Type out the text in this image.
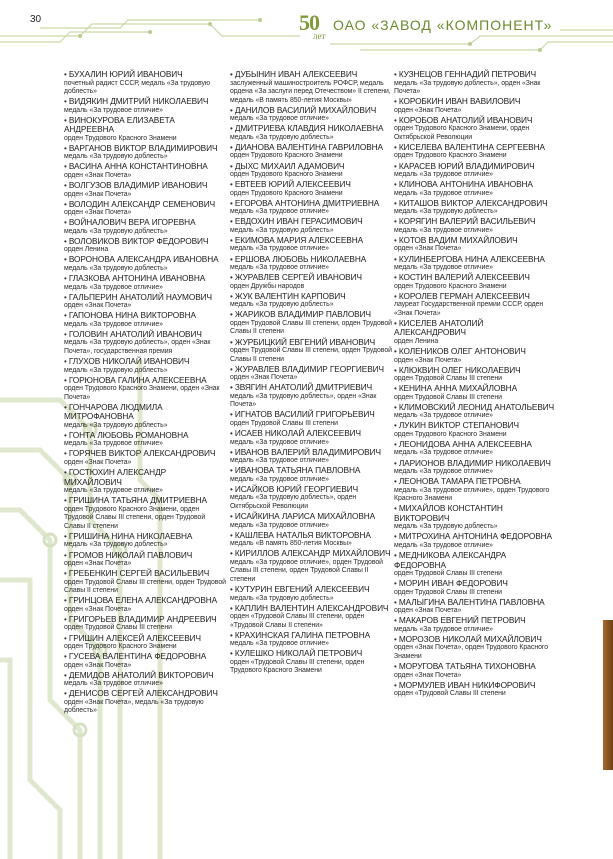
30	50
лет
ОАО «ЗАВОД «КОМПОНЕНТ»
• БУХАЛИН ЮРИЙ ИВАНОВИЧ
почетный радист СССР, медаль «За трудовую доблесть»
• ВИДЯКИН ДМИТРИЙ НИКОЛАЕВИЧ
медаль «За трудовое отличие»
• ВИНОКУРОВА ЕЛИЗАВЕТА АНДРЕЕВНА
орден Трудового Красного Знамени
• ВАРГАНОВ ВИКТОР ВЛАДИМИРОВИЧ
медаль «За трудовую доблесть»
• ВАСИНА АННА КОНСТАНТИНОВНА
орден «Знак Почета»
• ВОЛГУЗОВ ВЛАДИМИР ИВАНОВИЧ
орден «Знак Почета»
• ВОЛОДИН АЛЕКСАНДР СЕМЕНОВИЧ
орден «Знак Почета»
• ВОЙНАЛОВИЧ ВЕРА ИГОРЕВНА
медаль «За трудовую доблесть»
• ВОЛОВИКОВ ВИКТОР ФЕДОРОВИЧ
орден Ленина
• ВОРОНОВА АЛЕКСАНДРА ИВАНОВНА
медаль «За трудовую доблесть»
• ГЛАЗКОВА АНТОНИНА ИВАНОВНА
медаль «За трудовое отличие»
• ГАЛЬПЕРИН АНАТОЛИЙ НАУМОВИЧ
орден «Знак Почета»
• ГАПОНОВА НИНА ВИКТОРОВНА
медаль «За трудовое отличие»
• ГОЛОВИН АНАТОЛИЙ ИВАНОВИЧ
медаль «За трудовую доблесть», орден «Знак Почета», государственная премия
• ГЛУХОВ НИКОЛАЙ ИВАНОВИЧ
медаль «За трудовую доблесть»
• ГОРЮНОВА ГАЛИНА АЛЕКСЕЕВНА
орден Трудового Красного Знамени, орден «Знак Почета»
• ГОНЧАРОВА ЛЮДМИЛА МИТРОФАНОВНА
медаль «За трудовую доблесть»
• ГОНТА ЛЮБОВЬ РОМАНОВНА
медаль «За трудовое отличие»
• ГОРЯЧЕВ ВИКТОР АЛЕКСАНДРОВИЧ
орден «Знак Почета»
• ГОСТЮХИН АЛЕКСАНДР МИХАЙЛОВИЧ
медаль «За трудовое отличие»
• ГРИШИНА ТАТЬЯНА ДМИТРИЕВНА
орден Трудового Красного Знамени, орден Трудовой Славы III степени, орден Трудовой Славы II степени
• ГРИШИНА НИНА НИКОЛАЕВНА
медаль «За трудовую доблесть»
• ГРОМОВ НИКОЛАЙ ПАВЛОВИЧ
орден «Знак Почета»
• ГРЕБЕНКИН СЕРГЕЙ ВАСИЛЬЕВИЧ
орден Трудовой Славы III степени, орден Трудовой Славы II степени
• ГРИНЦОВА ЕЛЕНА АЛЕКСАНДРОВНА
орден «Знак Почета»
• ГРИГОРЬЕВ ВЛАДИМИР АНДРЕЕВИЧ
орден Трудовой Славы III степени
• ГРИШИН АЛЕКСЕЙ АЛЕКСЕЕВИЧ
орден Трудового Красного Знамени
• ГУСЕВА ВАЛЕНТИНА ФЕДОРОВНА
орден «Знак Почета»
• ДЕМИДОВ АНАТОЛИЙ ВИКТОРОВИЧ
медаль «За трудовое отличие»
• ДЕНИСОВ СЕРГЕЙ АЛЕКСАНДРОВИЧ
орден «Знак Почета», медаль «За трудовую доблесть»
• ДУБЫНИН ИВАН АЛЕКСЕЕВИЧ
заслуженный машиностроитель РОФСР, медаль ордена «За заслуги перед Отечеством» II степени, медаль «В память 850-летия Москвы»
• ДАНИЛОВ ВАСИЛИЙ МИХАЙЛОВИЧ
медаль «За трудовое отличие»
• ДМИТРИЕВА КЛАВДИЯ НИКОЛАЕВНА
медаль «За трудовую доблесть»
• ДИАНОВА ВАЛЕНТИНА ГАВРИЛОВНА
орден Трудового Красного Знамени
• ДЫХС МИХАИЛ АДАМОВИЧ
орден Трудового Красного Знамени
• ЕВТЕЕВ ЮРИЙ АЛЕКСЕЕВИЧ
орден Трудового Красного Знамени
• ЕГОРОВА АНТОНИНА ДМИТРИЕВНА
медаль «За трудовое отличие»
• ЕВДОХИН ИВАН ГЕРАСИМОВИЧ
медаль «За трудовую доблесть»
• ЕКИМОВА МАРИЯ АЛЕКСЕЕВНА
медаль «За трудовое отличие»
• ЕРШОВА ЛЮБОВЬ НИКОЛАЕВНА
медаль «За трудовое отличие»
• ЖУРАВЛЕВ СЕРГЕЙ ИВАНОВИЧ
орден Дружбы народов
• ЖУК ВАЛЕНТИН КАРПОВИЧ
медаль «За трудовую доблесть»
• ЖАРИКОВ ВЛАДИМИР ПАВЛОВИЧ
орден Трудовой Славы III степени, орден Трудовой Славы II степени
• ЖУРБИЦКИЙ ЕВГЕНИЙ ИВАНОВИЧ
орден Трудовой Славы III степени, орден Трудовой Славы II степени
• ЖУРАВЛЕВ ВЛАДИМИР ГЕОРГИЕВИЧ
орден «Знак Почета»
• ЗВЯГИН АНАТОЛИЙ ДМИТРИЕВИЧ
медаль «За трудовую доблесть», орден «Знак Почета»
• ИГНАТОВ ВАСИЛИЙ ГРИГОРЬЕВИЧ
орден Трудовой Славы III степени
• ИСАЕВ НИКОЛАЙ АЛЕКСЕЕВИЧ
медаль «За трудовое отличие»
• ИВАНОВ ВАЛЕРИЙ ВЛАДИМИРОВИЧ
медаль «За трудовое отличие»
• ИВАНОВА ТАТЬЯНА ПАВЛОВНА
медаль «За трудовое отличие»
• ИСАЙКОВ ЮРИЙ ГЕОРГИЕВИЧ
медаль «За трудовую доблесть», орден Октябрьской Революции
• ИСАЙКИНА ЛАРИСА МИХАЙЛОВНА
медаль «За трудовое отличие»
• КАШЛЕВА НАТАЛЬЯ ВИКТОРОВНА
медаль «В память 850-летия Москвы»
• КИРИЛЛОВ АЛЕКСАНДР МИХАЙЛОВИЧ
медаль «За трудовое отличие», орден Трудовой Славы III степени, орден Трудовой Славы II степени
• КУТУРИН ЕВГЕНИЙ АЛЕКСЕЕВИЧ
медаль «За трудовую доблесть»
• КАПЛИН ВАЛЕНТИН АЛЕКСАНДРОВИЧ
орден «Трудовой Славы III степени, орден «Трудовой Славы II степени»
• КРАХИНСКАЯ ГАЛИНА ПЕТРОВНА
медаль «За трудовое отличие»
• КУЛЕШКО НИКОЛАЙ ПЕТРОВИЧ
орден «Трудовой Славы III степени, орден Трудового Красного Знамени
• КУЗНЕЦОВ ГЕННАДИЙ ПЕТРОВИЧ
медаль «За трудовую доблесть», орден «Знак Почета»
• КОРОБКИН ИВАН ВАВИЛОВИЧ
орден «Знак Почета»
• КОРОБОВ АНАТОЛИЙ ИВАНОВИЧ
орден Трудового Красного Знамени, орден Октябрьской Революции
• КИСЕЛЕВА ВАЛЕНТИНА СЕРГЕЕВНА
орден Трудового Красного Знамени
• КАРАСЕВ ЮРИЙ ВЛАДИМИРОВИЧ
медаль «За трудовое отличие»
• КЛИНОВА АНТОНИНА ИВАНОВНА
медаль «За трудовое отличие»
• КИТАШОВ ВИКТОР АЛЕКСАНДРОВИЧ
медаль «За трудовую доблесть»
• КОРЯГИН ВАЛЕРИЙ ВАСИЛЬЕВИЧ
медаль «За трудовое отличие»
• КОТОВ ВАДИМ МИХАЙЛОВИЧ
орден «Знак Почета»
• КУЛИНБЕРГОВА НИНА АЛЕКСЕЕВНА
медаль «За трудовое отличие»
• КОСТИН ВАЛЕРИЙ АЛЕКСЕЕВИЧ
орден Трудового Красного Знамени
• КОРОЛЕВ ГЕРМАН АЛЕКСЕЕВИЧ
лауреат Государственной премии СССР, орден «Знак Почета»
• КИСЕЛЕВ АНАТОЛИЙ АЛЕКСАНДРОВИЧ
орден Ленина
• КОЛЕНИКОВ ОЛЕГ АНТОНОВИЧ
орден «Знак Почета»
• КЛЮКВИН ОЛЕГ НИКОЛАЕВИЧ
орден Трудовой Славы III степени
• КЕНИНА АННА МИХАЙЛОВНА
орден Трудовой Славы III степени
• КЛИМОВСКИЙ ЛЕОНИД АНАТОЛЬЕВИЧ
медаль «За трудовое отличие»
• ЛУКИН ВИКТОР СТЕПАНОВИЧ
орден Трудового Красного Знамени
• ЛЕОНИДОВА АННА АЛЕКСЕЕВНА
медаль «За трудовое отличие»
• ЛАРИОНОВ ВЛАДИМИР НИКОЛАЕВИЧ
медаль «За трудовое отличие»
• ЛЕОНОВА ТАМАРА ПЕТРОВНА
медаль «За трудовое отличие», орден Трудового Красного Знамени
• МИХАЙЛОВ КОНСТАНТИН ВИКТОРОВИЧ
медаль «За трудовую доблесть»
• МИТРОХИНА АНТОНИНА ФЕДОРОВНА
медаль «За трудовое отличие»
• МЕДНИКОВА АЛЕКСАНДРА ФЕДОРОВНА
орден Трудовой Славы III степени
• МОРИН ИВАН ФЕДОРОВИЧ
орден Трудовой Славы III степени
• МАЛЫГИНА ВАЛЕНТИНА ПАВЛОВНА
орден «Знак Почета»
• МАКАРОВ ЕВГЕНИЙ ПЕТРОВИЧ
медаль «За трудовое отличие»
• МОРОЗОВ НИКОЛАЙ МИХАЙЛОВИЧ
орден «Знак Почета», орден Трудового Красного Знамени
• МОРУГОВА ТАТЬЯНА ТИХОНОВНА
орден «Знак Почета»
• МОРМУЛЕВ ИВАН НИКИФОРОВИЧ
орден «Трудовой Славы III степени
